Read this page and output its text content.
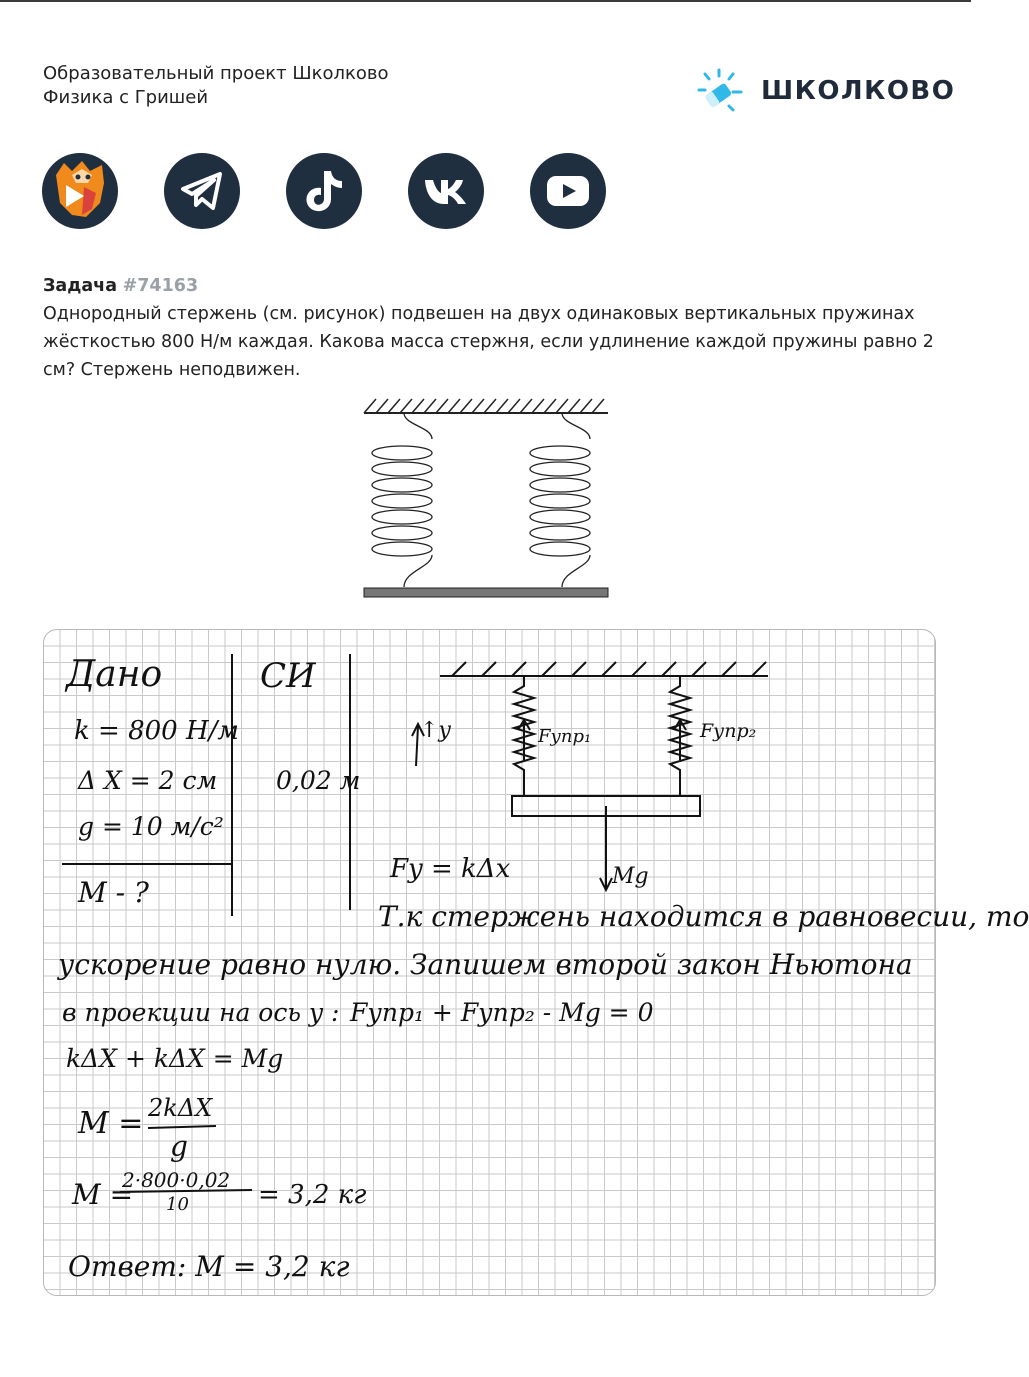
Образовательный проект Школково
Физика с Гришей	ШКОЛКОВО
Задача #74163
Однородный стержень (см. рисунок) подвешен на двух одинаковых вертикальных пружинах жёсткостью 800 Н/м каждая. Какова масса стержня, если удлинение каждой пружины равно 2 см? Стержень неподвижен.
Дано	СИ
k = 800 Н/м
Δ X = 2 см 0,02 м
g = 10 м/с²
M - ?
↑y	Fупр₁	Fупр₂
Mg
Fy = kΔx
Т.к стержень находится в равновесии, то
ускорение равно нулю. Запишем второй закон Ньютона
в проекции на ось y : Fупр₁ + Fупр₂ - Mg = 0
kΔX + kΔX = Mg
M = 2kΔX
g
M =
2·800·0,02
10	= 3,2 кг
Ответ: M = 3,2 кг
